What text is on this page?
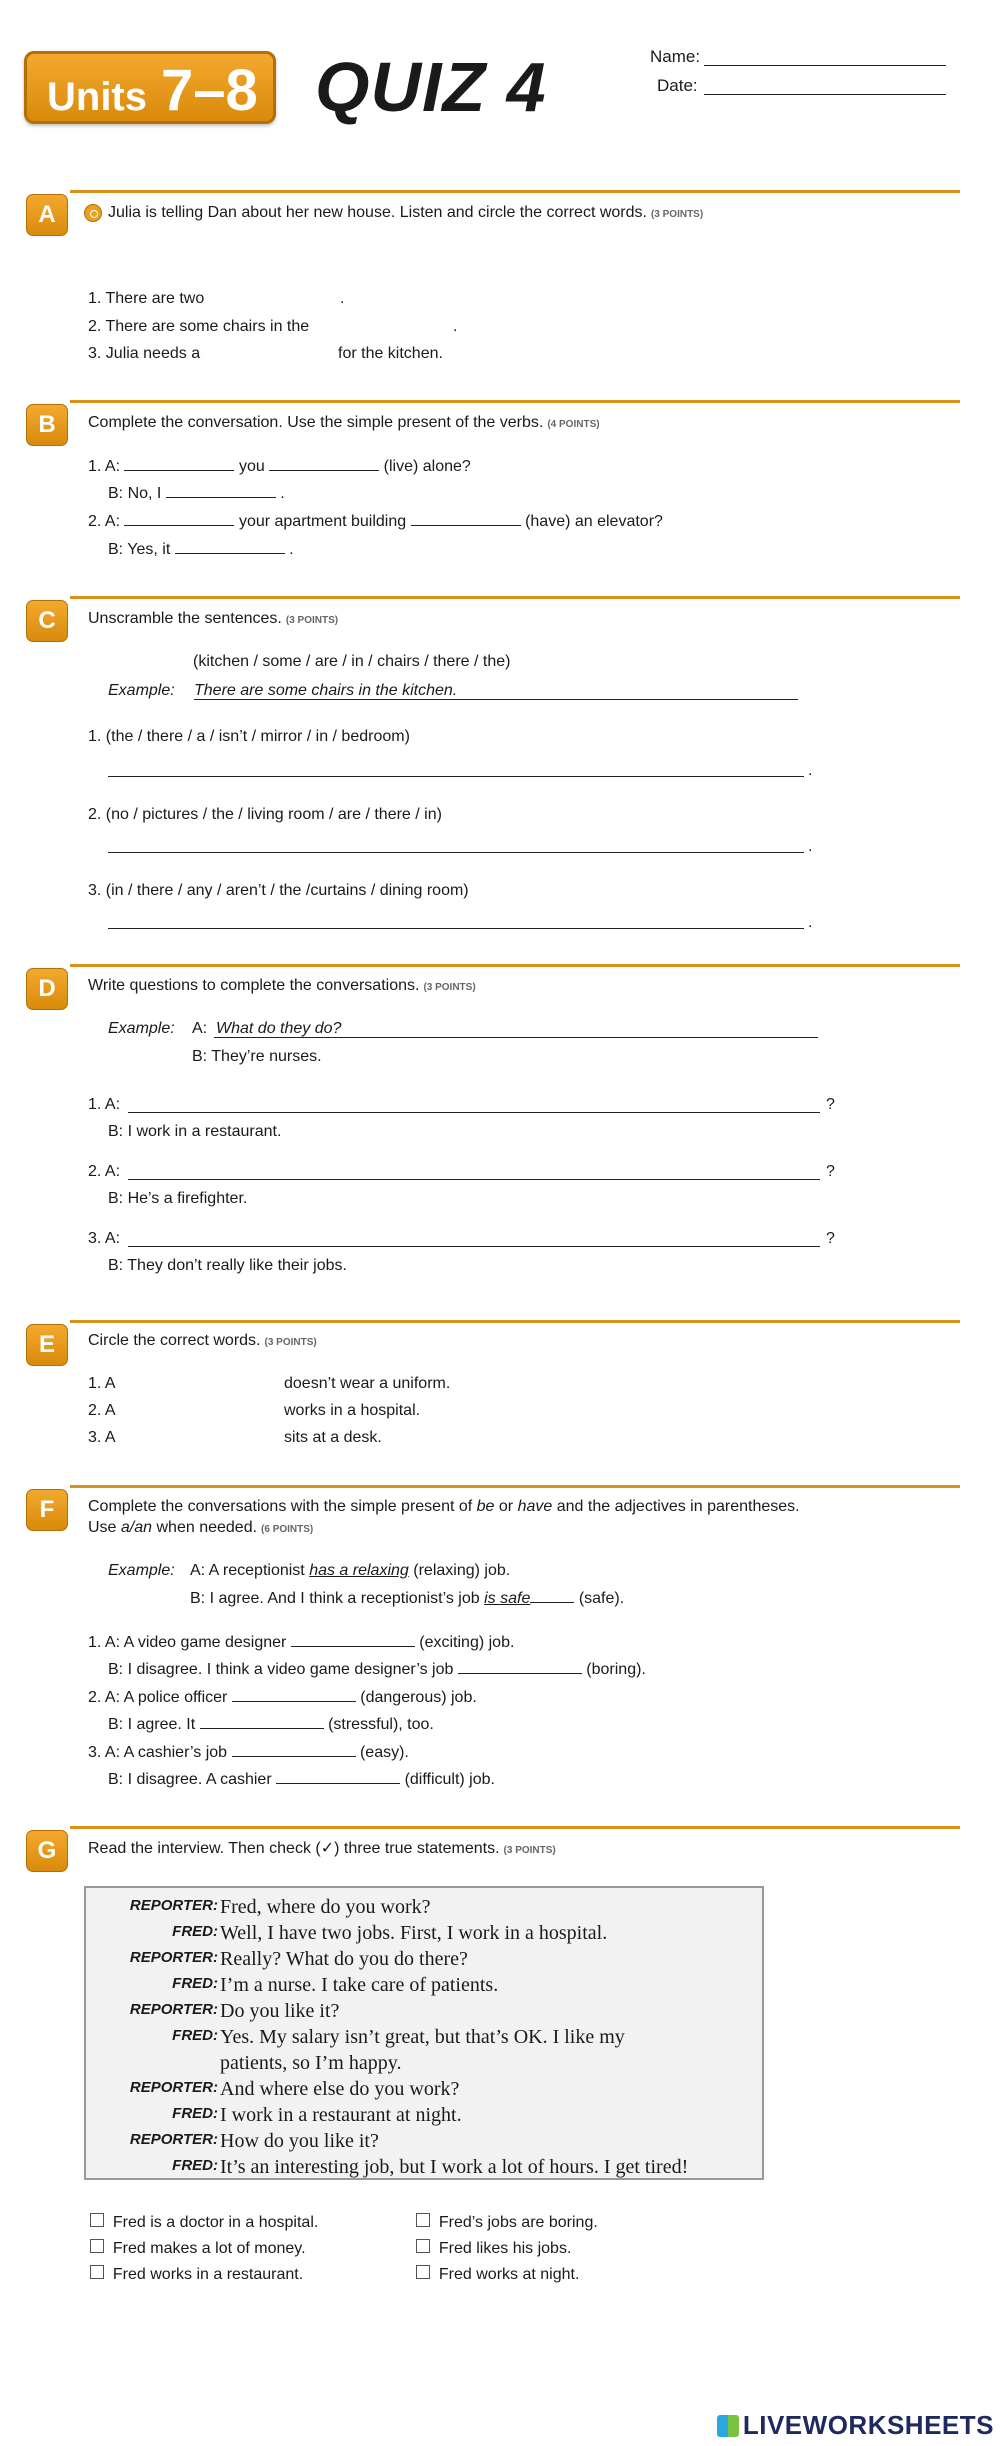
Units 7–8 QUIZ 4	Name:
Date:
A	Julia is telling Dan about her new house. Listen and circle the correct words. (3 POINTS)
1. There are two	.
2. There are some chairs in the	.
3. Julia needs a	for the kitchen.
B	Complete the conversation. Use the simple present of the verbs. (4 POINTS)
1. A:	you	(live) alone?
B: No, I	.
2. A:	your apartment building	(have) an elevator?
B: Yes, it	.
C	Unscramble the sentences. (3 POINTS)
(kitchen / some / are / in / chairs / there / the)
Example: There are some chairs in the kitchen.
1. (the / there / a / isn’t / mirror / in / bedroom)
.
2. (no / pictures / the / living room / are / there / in)
.
3. (in / there / any / aren’t / the /curtains / dining room)
.
D	Write questions to complete the conversations. (3 POINTS)
Example: A: What do they do?
B: They’re nurses.
1. A:	?
B: I work in a restaurant.
2. A:	?
B: He’s a firefighter.
3. A:	?
B: They don’t really like their jobs.
E	Circle the correct words. (3 POINTS)
1. A	doesn’t wear a uniform.
2. A	works in a hospital.
3. A	sits at a desk.
F	Complete the conversations with the simple present of be or have and the adjectives in parentheses.
Use a/an when needed. (6 POINTS)
Example: A: A receptionist has a relaxing (relaxing) job.
B: I agree. And I think a receptionist’s job is safe	(safe).
1. A: A video game designer	(exciting) job.
B: I disagree. I think a video game designer’s job	(boring).
2. A: A police officer	(dangerous) job.
B: I agree. It	(stressful), too.
3. A: A cashier’s job	(easy).
B: I disagree. A cashier	(difficult) job.
G	Read the interview. Then check (✓) three true statements. (3 POINTS)
REPORTER: Fred, where do you work?
FRED: Well, I have two jobs. First, I work in a hospital.
REPORTER: Really? What do you do there?
FRED: I’m a nurse. I take care of patients.
REPORTER: Do you like it?
FRED: Yes. My salary isn’t great, but that’s OK. I like my patients, so I’m happy.
REPORTER: And where else do you work?
FRED: I work in a restaurant at night.
REPORTER: How do you like it?
FRED: It’s an interesting job, but I work a lot of hours. I get tired!
Fred is a doctor in a hospital.
Fred makes a lot of money.
Fred works in a restaurant.
Fred’s jobs are boring.
Fred likes his jobs.
Fred works at night.
LIVEWORKSHEETS
